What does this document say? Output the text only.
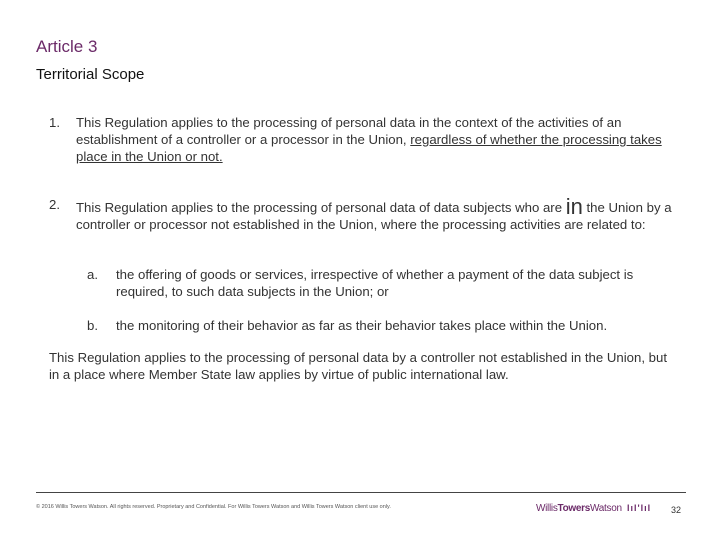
Article 3
Territorial Scope
1.	This Regulation applies to the processing of personal data in the context of the activities of an establishment of a controller or a processor in the Union, regardless of whether the processing takes place in the Union or not.
2.	This Regulation applies to the processing of personal data of data subjects who are in the Union by a controller or processor not established in the Union, where the processing activities are related to:
a. the offering of goods or services, irrespective of whether a payment of the data subject is required, to such data subjects in the Union; or
b. the monitoring of their behavior as far as their behavior takes place within the Union.
This Regulation applies to the processing of personal data by a controller not established in the Union, but in a place where Member State law applies by virtue of public international law.
© 2016 Willis Towers Watson. All rights reserved. Proprietary and Confidential. For Willis Towers Watson and Willis Towers Watson client use only.	WillisTowersWatson lıl'lıl 32
